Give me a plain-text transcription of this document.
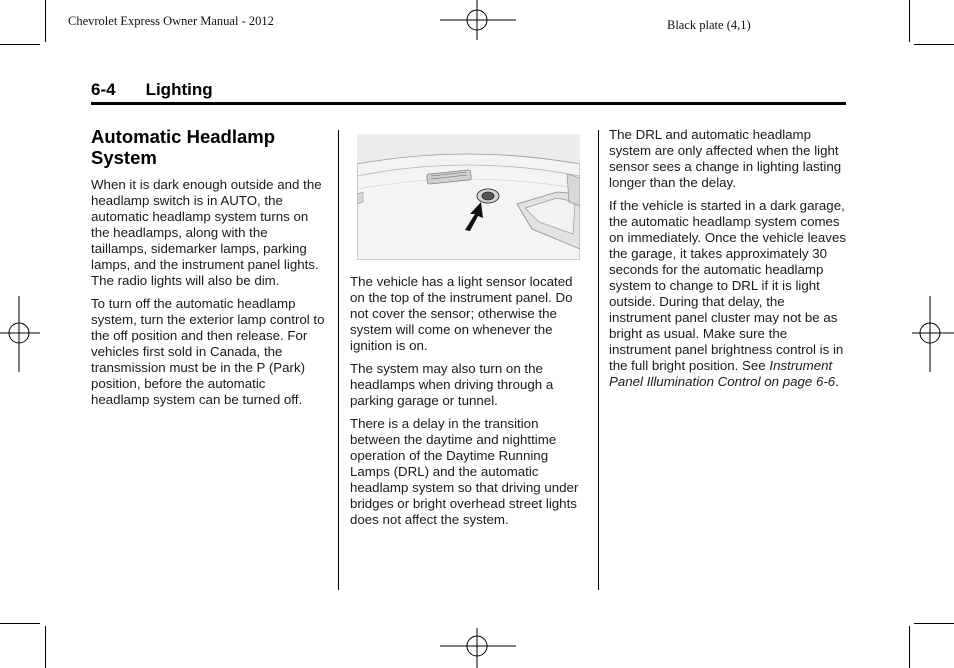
Chevrolet Express Owner Manual - 2012	Black plate (4,1)
6-4 Lighting
Automatic Headlamp System

When it is dark enough outside and the headlamp switch is in AUTO, the automatic headlamp system turns on the headlamps, along with the taillamps, sidemarker lamps, parking lamps, and the instrument panel lights. The radio lights will also be dim.

To turn off the automatic headlamp system, turn the exterior lamp control to the off position and then release. For vehicles first sold in Canada, the transmission must be in the P (Park) position, before the automatic headlamp system can be turned off.

The vehicle has a light sensor located on the top of the instrument panel. Do not cover the sensor; otherwise the system will come on whenever the ignition is on.

The system may also turn on the headlamps when driving through a parking garage or tunnel.

There is a delay in the transition between the daytime and nighttime operation of the Daytime Running Lamps (DRL) and the automatic headlamp system so that driving under bridges or bright overhead street lights does not affect the system.

The DRL and automatic headlamp system are only affected when the light sensor sees a change in lighting lasting longer than the delay.

If the vehicle is started in a dark garage, the automatic headlamp system comes on immediately. Once the vehicle leaves the garage, it takes approximately 30 seconds for the automatic headlamp system to change to DRL if it is light outside. During that delay, the instrument panel cluster may not be as bright as usual. Make sure the instrument panel brightness control is in the full bright position. See Instrument Panel Illumination Control on page 6-6.
